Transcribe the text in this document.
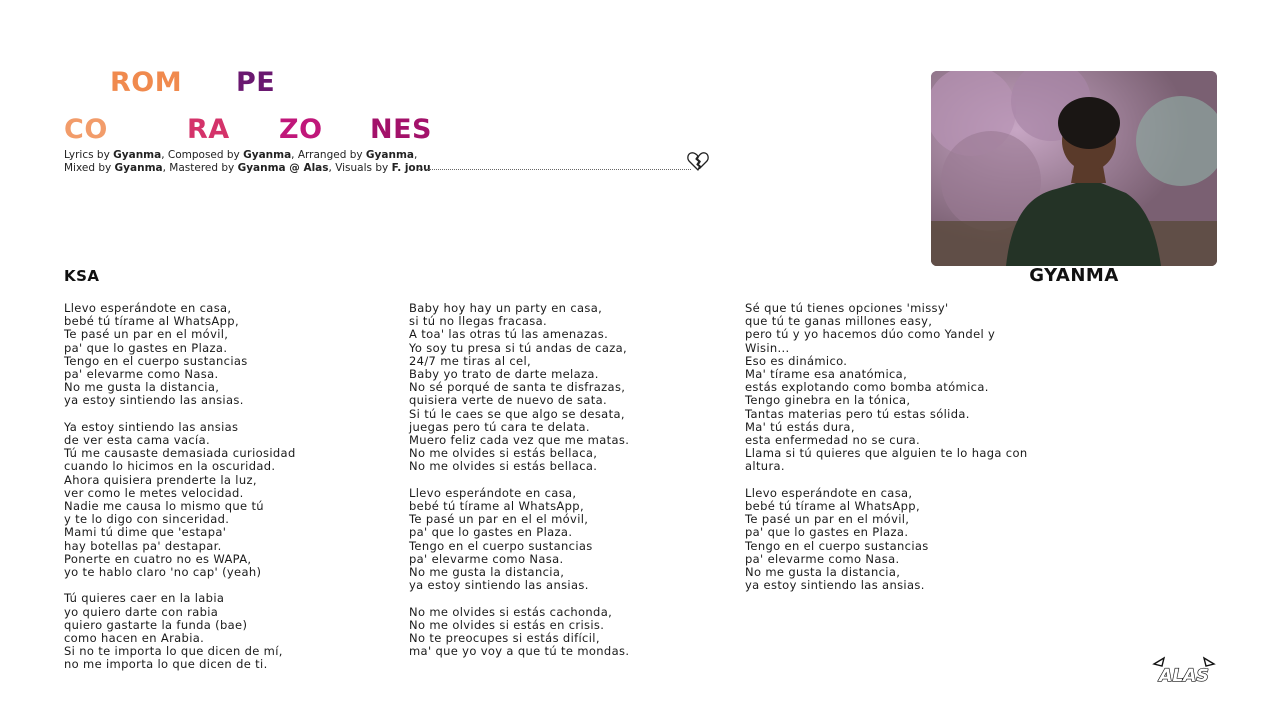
ROM PE
CO	RA ZO NES
Lyrics by Gyanma, Composed by Gyanma, Arranged by Gyanma,
Mixed by Gyanma, Mastered by Gyanma @ Alas, Visuals by F. jonu
GYANMA
KSA
Llevo esperándote en casa,
bebé tú tírame al WhatsApp,
Te pasé un par en el móvil,
pa' que lo gastes en Plaza.
Tengo en el cuerpo sustancias
pa' elevarme como Nasa.
No me gusta la distancia,
ya estoy sintiendo las ansias.
Ya estoy sintiendo las ansias
de ver esta cama vacía.
Tú me causaste demasiada curiosidad
cuando lo hicimos en la oscuridad.
Ahora quisiera prenderte la luz,
ver como le metes velocidad.
Nadie me causa lo mismo que tú
y te lo digo con sinceridad.
Mami tú dime que 'estapa'
hay botellas pa' destapar.
Ponerte en cuatro no es WAPA,
yo te hablo claro 'no cap' (yeah)
Tú quieres caer en la labia
yo quiero darte con rabia
quiero gastarte la funda (bae)
como hacen en Arabia.
Si no te importa lo que dicen de mí,
no me importa lo que dicen de ti.
Baby hoy hay un party en casa,
si tú no llegas fracasa.
A toa' las otras tú las amenazas.
Yo soy tu presa si tú andas de caza,
24/7 me tiras al cel,
Baby yo trato de darte melaza.
No sé porqué de santa te disfrazas,
quisiera verte de nuevo de sata.
Si tú le caes se que algo se desata,
juegas pero tú cara te delata.
Muero feliz cada vez que me matas.
No me olvides si estás bellaca,
No me olvides si estás bellaca.
Llevo esperándote en casa,
bebé tú tírame al WhatsApp,
Te pasé un par en el el móvil,
pa' que lo gastes en Plaza.
Tengo en el cuerpo sustancias
pa' elevarme como Nasa.
No me gusta la distancia,
ya estoy sintiendo las ansias.
No me olvides si estás cachonda,
No me olvides si estás en crisis.
No te preocupes si estás difícil,
ma' que yo voy a que tú te mondas.
Sé que tú tienes opciones 'missy'
que tú te ganas millones easy,
pero tú y yo hacemos dúo como Yandel y
Wisin...
Eso es dinámico.
Ma' tírame esa anatómica,
estás explotando como bomba atómica.
Tengo ginebra en la tónica,
Tantas materias pero tú estas sólida.
Ma' tú estás dura,
esta enfermedad no se cura.
Llama si tú quieres que alguien te lo haga con
altura.
Llevo esperándote en casa,
bebé tú tírame al WhatsApp,
Te pasé un par en el móvil,
pa' que lo gastes en Plaza.
Tengo en el cuerpo sustancias
pa' elevarme como Nasa.
No me gusta la distancia,
ya estoy sintiendo las ansias.
ALAS
